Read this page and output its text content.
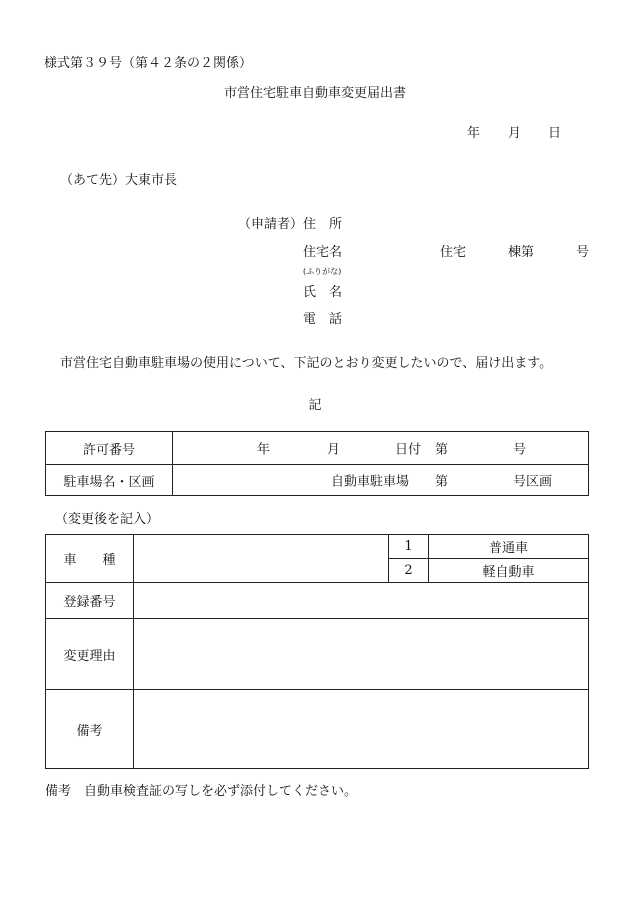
様式第３９号（第４２条の２関係）
市営住宅駐車自動車変更届出書
年 月 日
（あて先）大東市長
（申請者） 住　所
住宅名	住宅	棟第	号
(ふりがな)
氏　名
電　話
市営住宅自動車駐車場の使用について、下記のとおり変更したいので、届け出ます。
記
許可番号	年 月 日付 第 号

駐車場名・区画	自動車駐車場 第 号区画
（変更後を記入）
車　　種		1	普通車
		2	軽自動車
登録番号			
変更理由			
備考			
備考　自動車検査証の写しを必ず添付してください。
